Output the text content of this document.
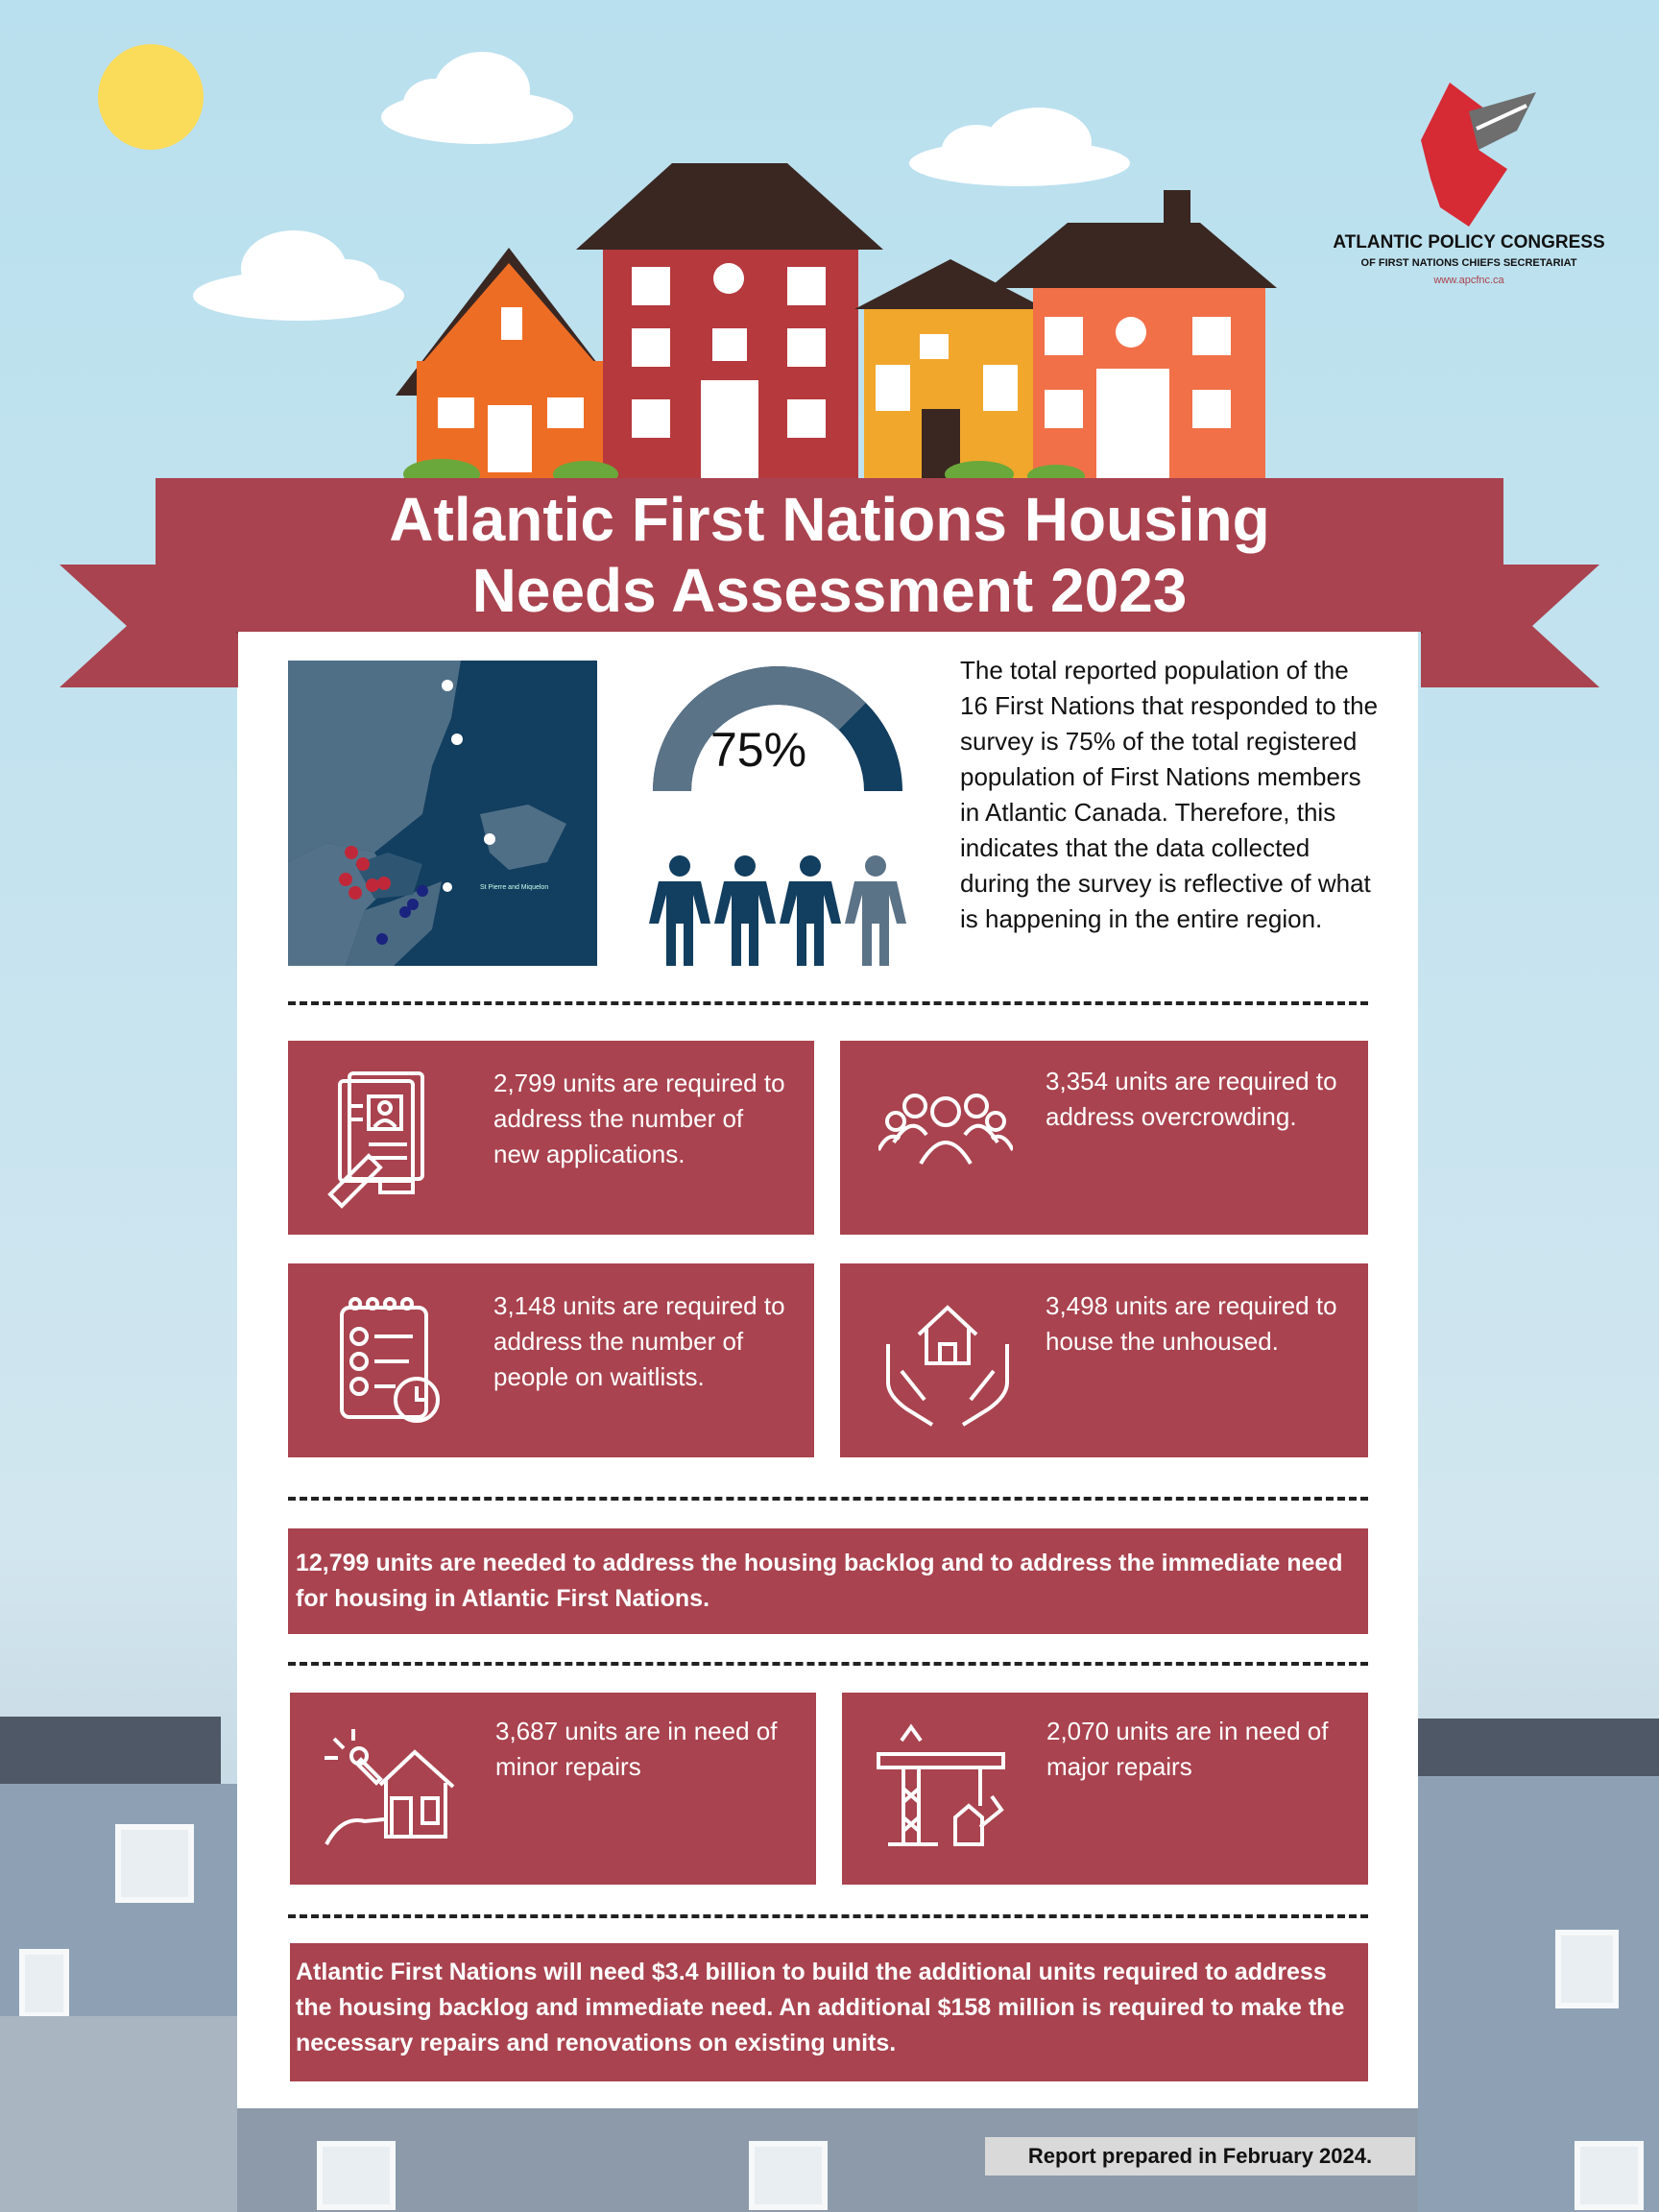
ATLANTIC POLICY CONGRESS
OF FIRST NATIONS CHIEFS SECRETARIAT
www.apcfnc.ca
Atlantic First Nations Housing Needs Assessment 2023
St Pierre and Miquelon
75%
The total reported population of the 16 First Nations that responded to the survey is 75% of the total registered population of First Nations members in Atlantic Canada. Therefore, this indicates that the data collected during the survey is reflective of what is happening in the entire region.
2,799 units are required to address the number of new applications.
3,354 units are required to address overcrowding.
3,148 units are required to address the number of people on waitlists.
3,498 units are required to house the unhoused.
12,799 units are needed to address the housing backlog and to address the immediate need for housing in Atlantic First Nations.
3,687 units are in need of minor repairs
2,070 units are in need of major repairs
Atlantic First Nations will need $3.4 billion to build the additional units required to address the housing backlog and immediate need. An additional $158 million is required to make the necessary repairs and renovations on existing units.
Report prepared in February 2024.
